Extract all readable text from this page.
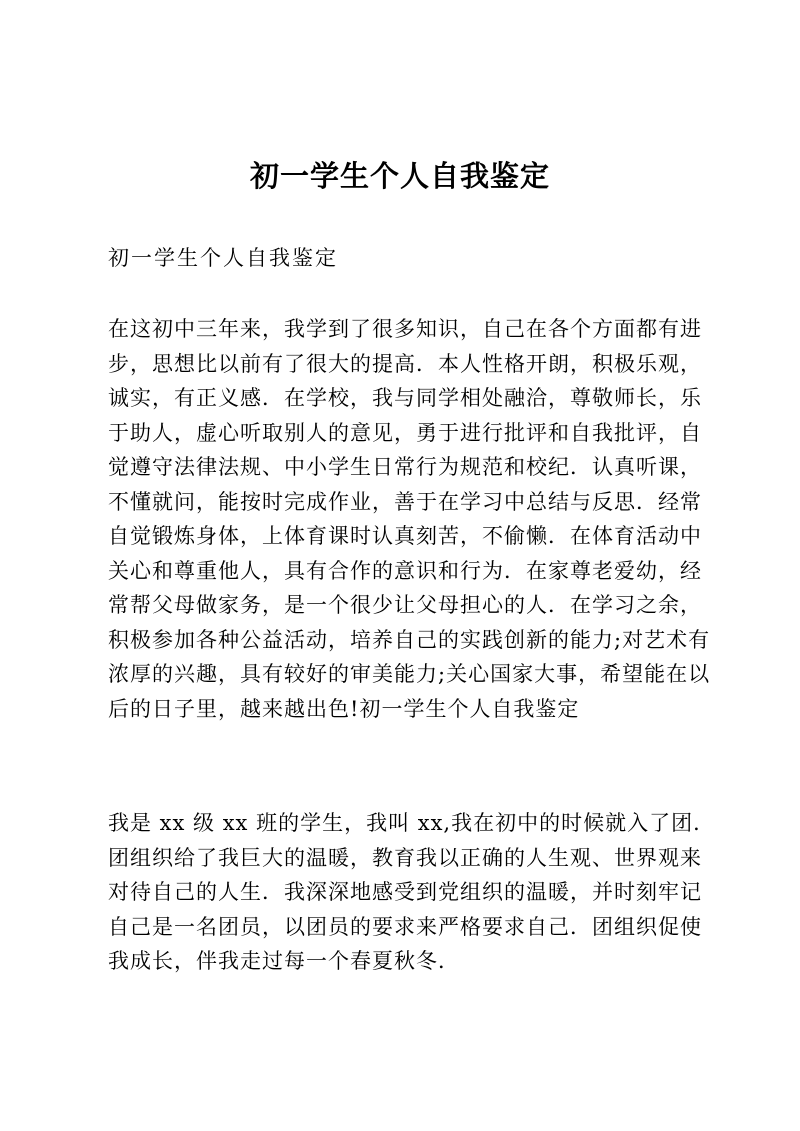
初一学生个人自我鉴定

初一学生个人自我鉴定

在这初中三年来，我学到了很多知识，自己在各个方面都有进
步，思想比以前有了很大的提高．本人性格开朗，积极乐观，
诚实，有正义感．在学校，我与同学相处融洽，尊敬师长，乐
于助人，虚心听取别人的意见，勇于进行批评和自我批评，自
觉遵守法律法规、中小学生日常行为规范和校纪．认真听课，
不懂就问，能按时完成作业，善于在学习中总结与反思．经常
自觉锻炼身体，上体育课时认真刻苦，不偷懒．在体育活动中
关心和尊重他人，具有合作的意识和行为．在家尊老爱幼，经
常帮父母做家务，是一个很少让父母担心的人．在学习之余，
积极参加各种公益活动，培养自己的实践创新的能力;对艺术有
浓厚的兴趣，具有较好的审美能力;关心国家大事，希望能在以
后的日子里，越来越出色!初一学生个人自我鉴定
我是 xx 级 xx 班的学生，我叫 xx,我在初中的时候就入了团．
团组织给了我巨大的温暖，教育我以正确的人生观、世界观来
对待自己的人生．我深深地感受到党组织的温暖，并时刻牢记
自己是一名团员，以团员的要求来严格要求自己．团组织促使
我成长，伴我走过每一个春夏秋冬．
